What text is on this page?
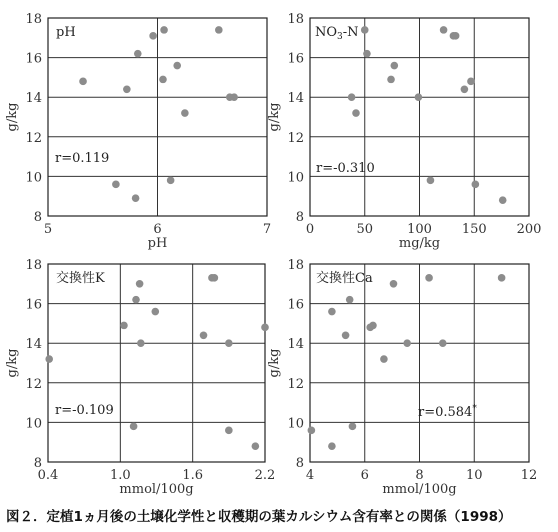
5	6	7
8
10
12
14
16
18
pH
g/kg
pH
r=0.119
0	50	100 150 200
8
10
12
14
16
18
mg/kg
g/kg
$NO_3-N$
r=-0.310
0.4	1.0	1.6	2.2
8
10
12
14
16
18
mmol/100g
g/kg
交換性K
r=-0.109
4	6	8	10	12
8
10
12
14
16
18
mmol/100g
g/kg
交換性Ca
r=0.584*
図２．定植1ヵ月後の土壌化学性と収穫期の葉カルシウム含有率との関係（1998）
